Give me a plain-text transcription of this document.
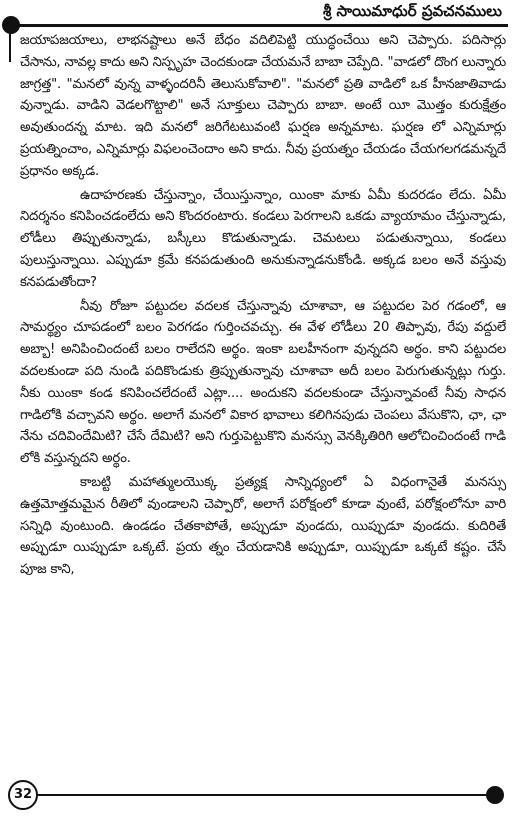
శ్రీ సాయిమాధుర్ ప్రవచనములు

జయాపజయాలు, లాభనష్టాలు అనే బేధం వదిలిపెట్టి యుద్ధంచేయి అని చెప్పారు. పదిసార్లు చేసాను, నావల్ల కాదు అని నిస్పృహ చెందకుండా చేయమనే బాబా చెప్పేది. "వాడలో దొంగ లున్నారు జాగ్రత్త". "మనలో వున్న వాళ్ళందరినీ తెలుసుకోవాలి". "మనలో ప్రతి వాడిలో ఒక హీనజాతివాడు వున్నాడు. వాడిని వెడలగొట్టాలి" అనే సూక్తులు చెప్పారు బాబా. అంటే యీ మొత్తం కురుక్షేత్రం అవుతుందన్న మాట. ఇది మనలో జరిగేటటువంటి ఘర్షణ అన్నమాట. ఘర్షణ లో ఎన్నిమార్లు ప్రయత్నించాం, ఎన్నిమార్లు విఫలంచెందాం అని కాదు. నీవు ప్రయత్నం చేయడం చేయగలగడమన్నదే ప్రధానం అక్కడ.

ఉదాహరణకు చేస్తున్నాం, చేయిస్తున్నాం, యింకా మాకు ఏమీ కుదరడం లేదు. ఏమీ నిదర్శనం కనిపించడంలేదు అని కొందరంటారు. కండలు పెరగాలని ఒకడు వ్యాయామం చేస్తున్నాడు, లోడీలు తిప్పుతున్నాడు, బస్కీలు కొడుతున్నాడు. చెమటలు పడుతున్నాయి, కండలు పులుస్తున్నాయి. ఎప్పుడూ క్రమే కనపడుతుంది అనుకున్నాడనుకోండి. అక్కడ బలం అనే వస్తువు కనపడుతోందా?

నీవు రోజూ పట్టుదల వదలక చేస్తున్నావు చూశావా, ఆ పట్టుదల పెర గడంలో, ఆ సామర్థ్యం చూపడంలో బలం పెరగడం గుర్తించవచ్చు. ఈ వేళ లోడీలు 20 తిప్పావు, రేపు వద్దులే అబ్బా! అనిపించిందంటే బలం రాలేదని అర్థం. ఇంకా బలహీనంగా వున్నదని అర్థం. కాని పట్టుదల వదలకుండా పది నుండి పదికొండుకు త్రిప్పుతున్నావు చూశావా అదీ బలం పెరుగుతున్నట్లు గుర్తు. నీకు యింకా కండ కనిపించలేదంటే ఎట్లా.... అందుకని వదలకుండా చేస్తున్నావంటే నీవు సాధన గాడిలోకి వచ్చావని అర్థం. అలాగే మనలో వికార భావాలు కలిగినపుడు చెంపలు వేసుకొని, ఛా, ఛా నేను చదివిందేమిటి? చేసే దేమిటి? అని గుర్తుపెట్టుకొని మనస్సు వెనక్కితిరిగి ఆలోచించిందంటే గాడి లోకి వస్తున్నదని అర్థం.

కాబట్టి మహాత్ములయొక్క ప్రత్యక్ష సాన్నిధ్యంలో ఏ విధంగానైతే మనస్సు ఉత్తమోత్తమమైన రీతిలో వుండాలని చెప్పారో, అలాగే పరోక్షంలో కూడా వుంటే, పరోక్షంలోనూ వారి సన్నిధి వుంటుంది. ఉండడం చేతకాపోతే, అప్పుడూ వుండదు, యిప్పుడూ వుండదు. కుదిరితే అప్పుడూ యిప్పుడూ ఒక్కటే. ప్రయ త్నం చేయడానికి అప్పుడూ, యిప్పుడూ ఒక్కటే కష్టం. చేసే పూజ కాని,

32
